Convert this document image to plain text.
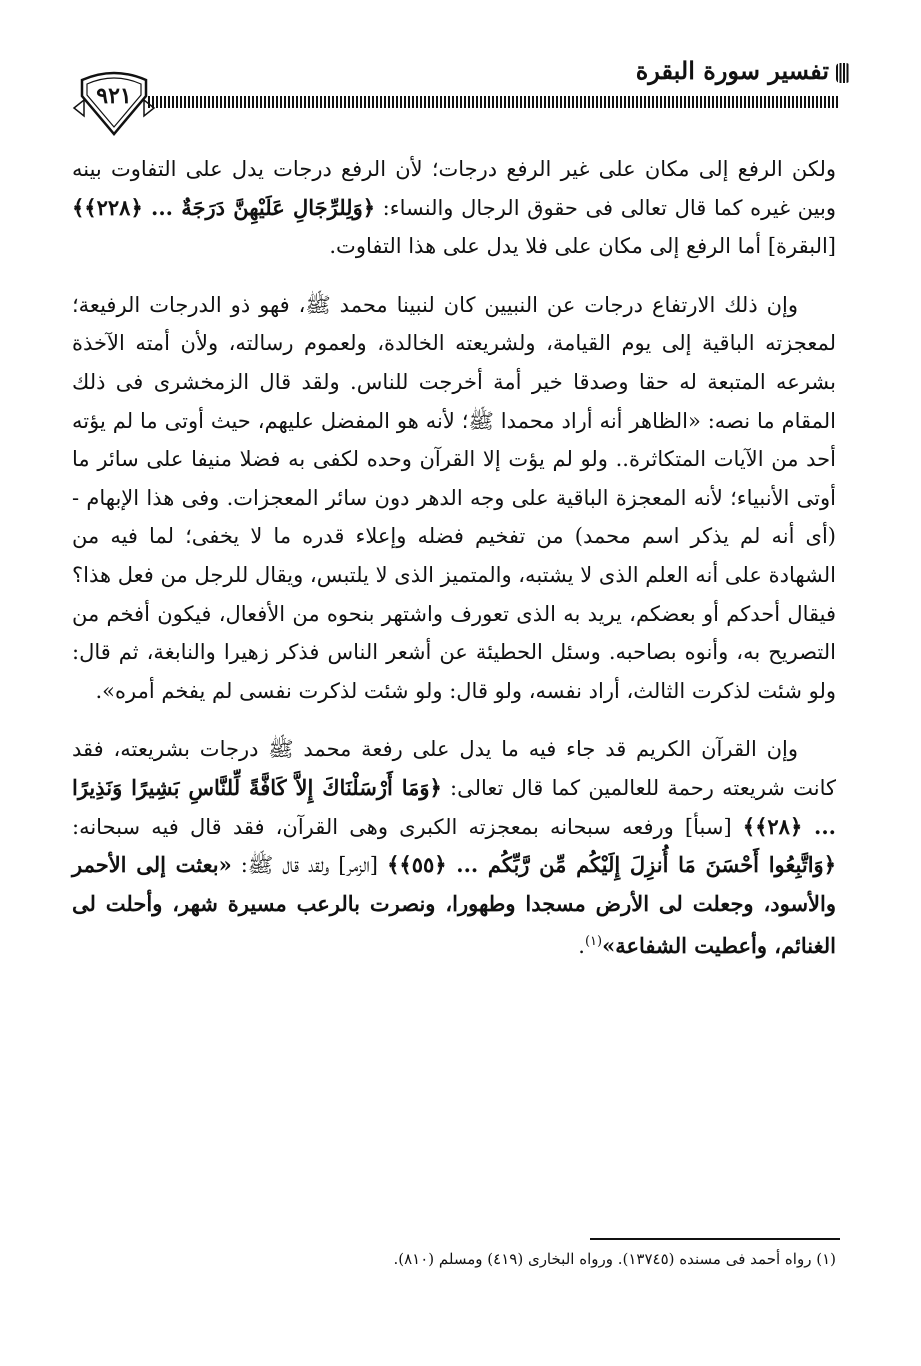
تفسير سورة البقرة
٩٢١

ولكن الرفع إلى مكان على غير الرفع درجات؛ لأن الرفع درجات يدل على التفاوت بينه وبين غيره كما قال تعالى فى حقوق الرجال والنساء: ﴿وَلِلرِّجَالِ عَلَيْهِنَّ دَرَجَةٌ ... ﴿٢٢٨﴾﴾ [البقرة] أما الرفع إلى مكان على فلا يدل على هذا التفاوت.

وإن ذلك الارتفاع درجات عن النبيين كان لنبينا محمد ﷺ، فهو ذو الدرجات الرفيعة؛ لمعجزته الباقية إلى يوم القيامة، ولشريعته الخالدة، ولعموم رسالته، ولأن أمته الآخذة بشرعه المتبعة له حقا وصدقا خير أمة أخرجت للناس. ولقد قال الزمخشرى فى ذلك المقام ما نصه: «الظاهر أنه أراد محمدا ﷺ؛ لأنه هو المفضل عليهم، حيث أوتى ما لم يؤته أحد من الآيات المتكاثرة.. ولو لم يؤت إلا القرآن وحده لكفى به فضلا منيفا على سائر ما أوتى الأنبياء؛ لأنه المعجزة الباقية على وجه الدهر دون سائر المعجزات. وفى هذا الإبهام - (أى أنه لم يذكر اسم محمد) من تفخيم فضله وإعلاء قدره ما لا يخفى؛ لما فيه من الشهادة على أنه العلم الذى لا يشتبه، والمتميز الذى لا يلتبس، ويقال للرجل من فعل هذا؟ فيقال أحدكم أو بعضكم، يريد به الذى تعورف واشتهر بنحوه من الأفعال، فيكون أفخم من التصريح به، وأنوه بصاحبه. وسئل الحطيئة عن أشعر الناس فذكر زهيرا والنابغة، ثم قال: ولو شئت لذكرت الثالث، أراد نفسه، ولو قال: ولو شئت لذكرت نفسى لم يفخم أمره».

وإن القرآن الكريم قد جاء فيه ما يدل على رفعة محمد ﷺ درجات بشريعته، فقد كانت شريعته رحمة للعالمين كما قال تعالى: ﴿وَمَا أَرْسَلْنَاكَ إِلاَّ كَافَّةً لِّلنَّاسِ بَشِيرًا وَنَذِيرًا ... ﴿٢٨﴾﴾ [سبأ] ورفعه سبحانه بمعجزته الكبرى وهى القرآن، فقد قال فيه سبحانه: ﴿وَاتَّبِعُوا أَحْسَنَ مَا أُنزِلَ إِلَيْكُم مِّن رَّبِّكُم ... ﴿٥٥﴾﴾ [الزمر] ولقد قال ﷺ: «بعثت إلى الأحمر والأسود، وجعلت لى الأرض مسجدا وطهورا، ونصرت بالرعب مسيرة شهر، وأحلت لى الغنائم، وأعطيت الشفاعة»$^{(١)}$.

(١) رواه أحمد فى مسنده (١٣٧٤٥). ورواه البخارى (٤١٩) ومسلم (٨١٠).
